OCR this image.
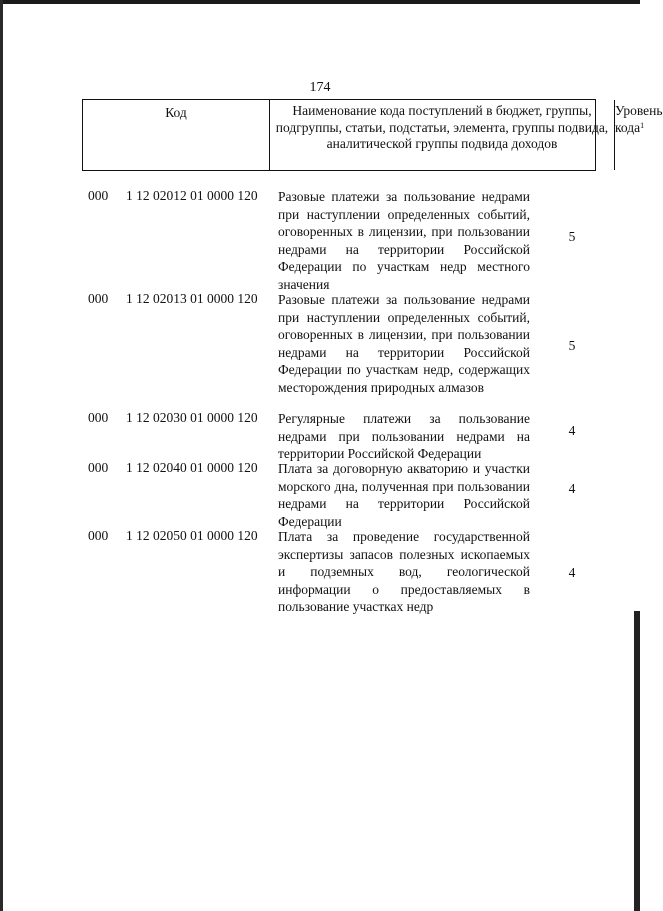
174
Код	Наименование кода поступлений в бюджет, группы, подгруппы, статьи, подстатьи, элемента, группы подвида, аналитической группы подвида доходов
Уровень кода$^1$
000 1 12 02012 01 0000 120 Разовые платежи за пользование недрами при наступлении определенных событий, оговоренных в лицензии, при пользовании недрами на территории Российской Федерации по участкам недр местного значения
5
000 1 12 02013 01 0000 120 Разовые платежи за пользование недрами при наступлении определенных событий, оговоренных в лицензии, при пользовании недрами на территории Российской Федерации по участкам недр, содержащих месторождения природных алмазов
5
000 1 12 02030 01 0000 120 Регулярные платежи за пользование недрами при пользовании недрами на территории Российской Федерации
4
000 1 12 02040 01 0000 120 Плата за договорную акваторию и участки морского дна, полученная при пользовании недрами на территории Российской Федерации
4
000 1 12 02050 01 0000 120 Плата за проведение государственной экспертизы запасов полезных ископаемых и подземных вод, геологической информации о предоставляемых в пользование участках недр
4
